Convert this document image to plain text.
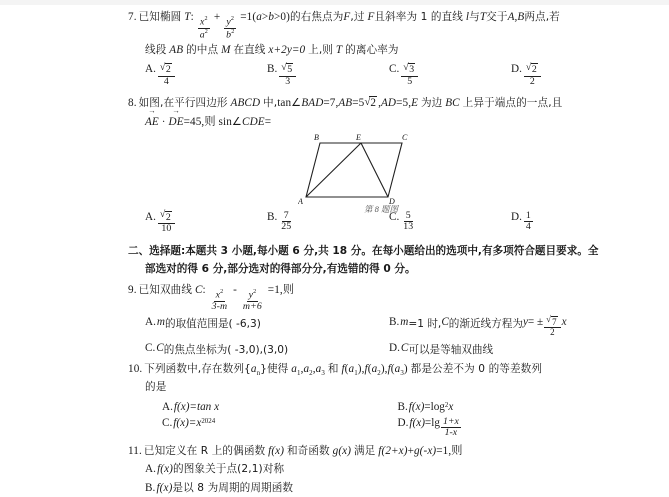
7. 已知椭圆 T: $\frac{x^2}{a^2} + \frac{y^2}{b^2} =1(a>b>0)$的右焦点为F,过 F且斜率为 1 的直线 l与T交于A,B两点,若
线段 AB 的中点 M 在直线 x+2y=0 上,则 T 的离心率为
A. √ $\frac{2}{4}$	B. √ $\frac{5}{3}$	C. √ $\frac{3}{5}$	D. √ $\frac{2}{2}$
8. 如图,在平行四边形 ABCD 中,tan∠BAD=7,AB=5 √ 2 ,AD=5,E 为边 BC 上异于端点的一点,且
AE → · DE →=45,则 sin∠CDE=
B	E	C
A	D
第 8 题图
A. √ $\frac{2}{10}$	B. $\frac{7}{25}$	C. $\frac{5}{13}$	D. $\frac{1}{4}$
二、选择题:本题共 3 小题,每小题 6 分,共 18 分。在每小题给出的选项中,有多项符合题目要求。全
部选对的得 6 分,部分选对的得部分分,有选错的得 0 分。
9. 已知双曲线 C: $\frac{x^2}{3-m} - \frac{y^2}{m+6} =1$,则
A. m 的取值范围是( -6,3)	B. m =1 时, C 的渐近线方程为 y = ± √ $\frac{7}{2}$ x
C. C 的焦点坐标为( -3,0),(3,0)	D. C 可以是等轴双曲线
10. 下列函数中,存在数列$\{a_n\}$使得 $a_1,a_2,a_3$ 和 $f(a_1),f(a_2),f(a_3)$ 都是公差不为 0 的等差数列
的是
A. f(x) =tan x	B. f(x) =log 2 x
C. f(x) =x 2024	D. $f(x) =\lg \frac{1+x}{1-x}$
11. 已知定义在 R 上的偶函数 f(x) 和奇函数 g(x) 满足 f(2+x)+g(-x)=1,则
A.f(x)的图象关于点(2,1)对称
B.f(x)是以 8 为周期的周期函数
